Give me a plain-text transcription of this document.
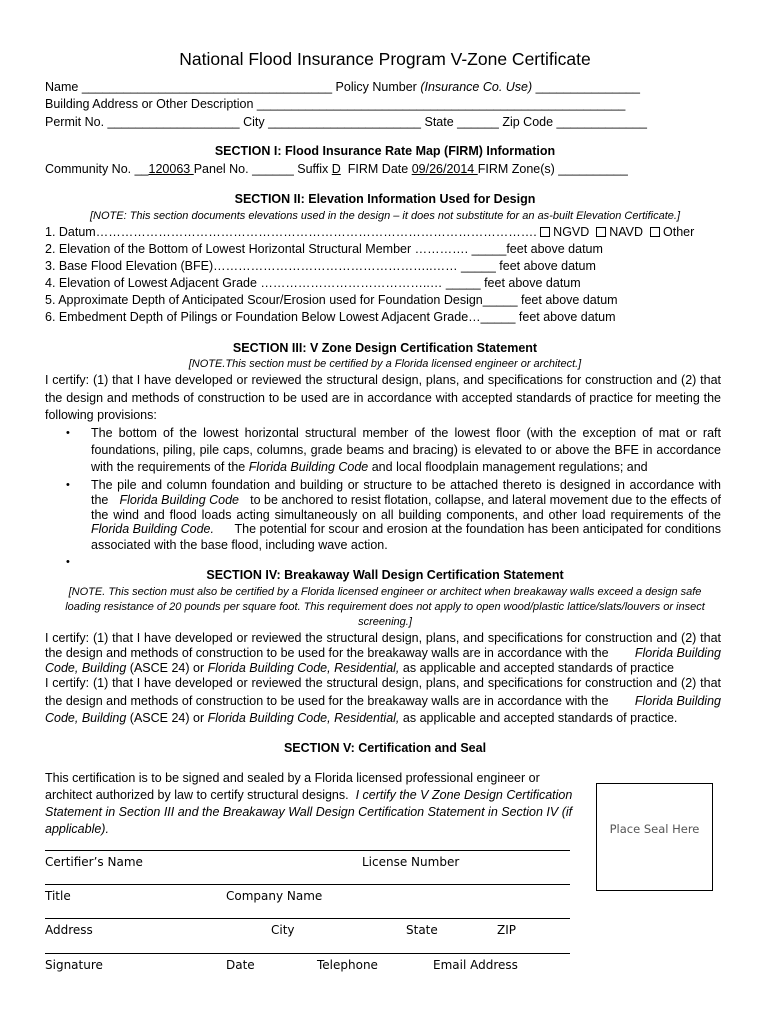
National Flood Insurance Program V-Zone Certificate
Name ____________________________________ Policy Number (Insurance Co. Use) _______________
Building Address or Other Description _____________________________________________________
Permit No. ___________________ City ______________________ State ______ Zip Code _____________
SECTION I: Flood Insurance Rate Map (FIRM) Information
Community No. __120063 Panel No. ______ Suffix D FIRM Date 09/26/2014 FIRM Zone(s) __________
SECTION II: Elevation Information Used for Design
[NOTE: This section documents elevations used in the design – it does not substitute for an as-built Elevation Certificate.]
1. Datum……………………………………………………………………………………………. NGVD NAVD Other
2. Elevation of the Bottom of Lowest Horizontal Structural Member …………. _____feet above datum
3. Base Flood Elevation (BFE)……………………………………………..…… _____ feet above datum
4. Elevation of Lowest Adjacent Grade …………………………………..… _____ feet above datum
5. Approximate Depth of Anticipated Scour/Erosion used for Foundation Design_____ feet above datum
6. Embedment Depth of Pilings or Foundation Below Lowest Adjacent Grade…_____ feet above datum
SECTION III: V Zone Design Certification Statement
[NOTE.This section must be certified by a Florida licensed engineer or architect.]
I certify: (1) that I have developed or reviewed the structural design, plans, and specifications for construction and (2) that
the design and methods of construction to be used are in accordance with accepted standards of practice for meeting the
following provisions:
• The bottom of the lowest horizontal structural member of the lowest floor (with the exception of mat or raft
foundations, piling, pile caps, columns, grade beams and bracing) is elevated to or above the BFE in accordance
with the requirements of the Florida Building Code and local floodplain management regulations; and
• The pile and column foundation and building or structure to be attached thereto is designed in accordance with
the Florida Building Code to be anchored to resist flotation, collapse, and lateral movement due to the effects of
the wind and flood loads acting simultaneously on all building components, and other load requirements of the
Florida Building Code. The potential for scour and erosion at the foundation has been anticipated for conditions
associated with the base flood, including wave action.
•
SECTION IV: Breakaway Wall Design Certification Statement
[NOTE. This section must also be certified by a Florida licensed engineer or architect when breakaway walls exceed a design safe
loading resistance of 20 pounds per square foot. This requirement does not apply to open wood/plastic lattice/slats/louvers or insect
screening.]
I certify: (1) that I have developed or reviewed the structural design, plans, and specifications for construction and (2) that
the design and methods of construction to be used for the breakaway walls are in accordance with the Florida Building
Code, Building (ASCE 24) or Florida Building Code, Residential, as applicable and accepted standards of practice
I certify: (1) that I have developed or reviewed the structural design, plans, and specifications for construction and (2) that
the design and methods of construction to be used for the breakaway walls are in accordance with the Florida Building
Code, Building (ASCE 24) or Florida Building Code, Residential, as applicable and accepted standards of practice.
SECTION V: Certification and Seal
This certification is to be signed and sealed by a Florida licensed professional engineer or
architect authorized by law to certify structural designs. I certify the V Zone Design Certification
Statement in Section III and the Breakaway Wall Design Certification Statement in Section IV (if
applicable).	Place Seal Here
Certifier’s Name	License Number
Title	Company Name
Address	City	State	ZIP
Signature	Date	Telephone	Email Address
